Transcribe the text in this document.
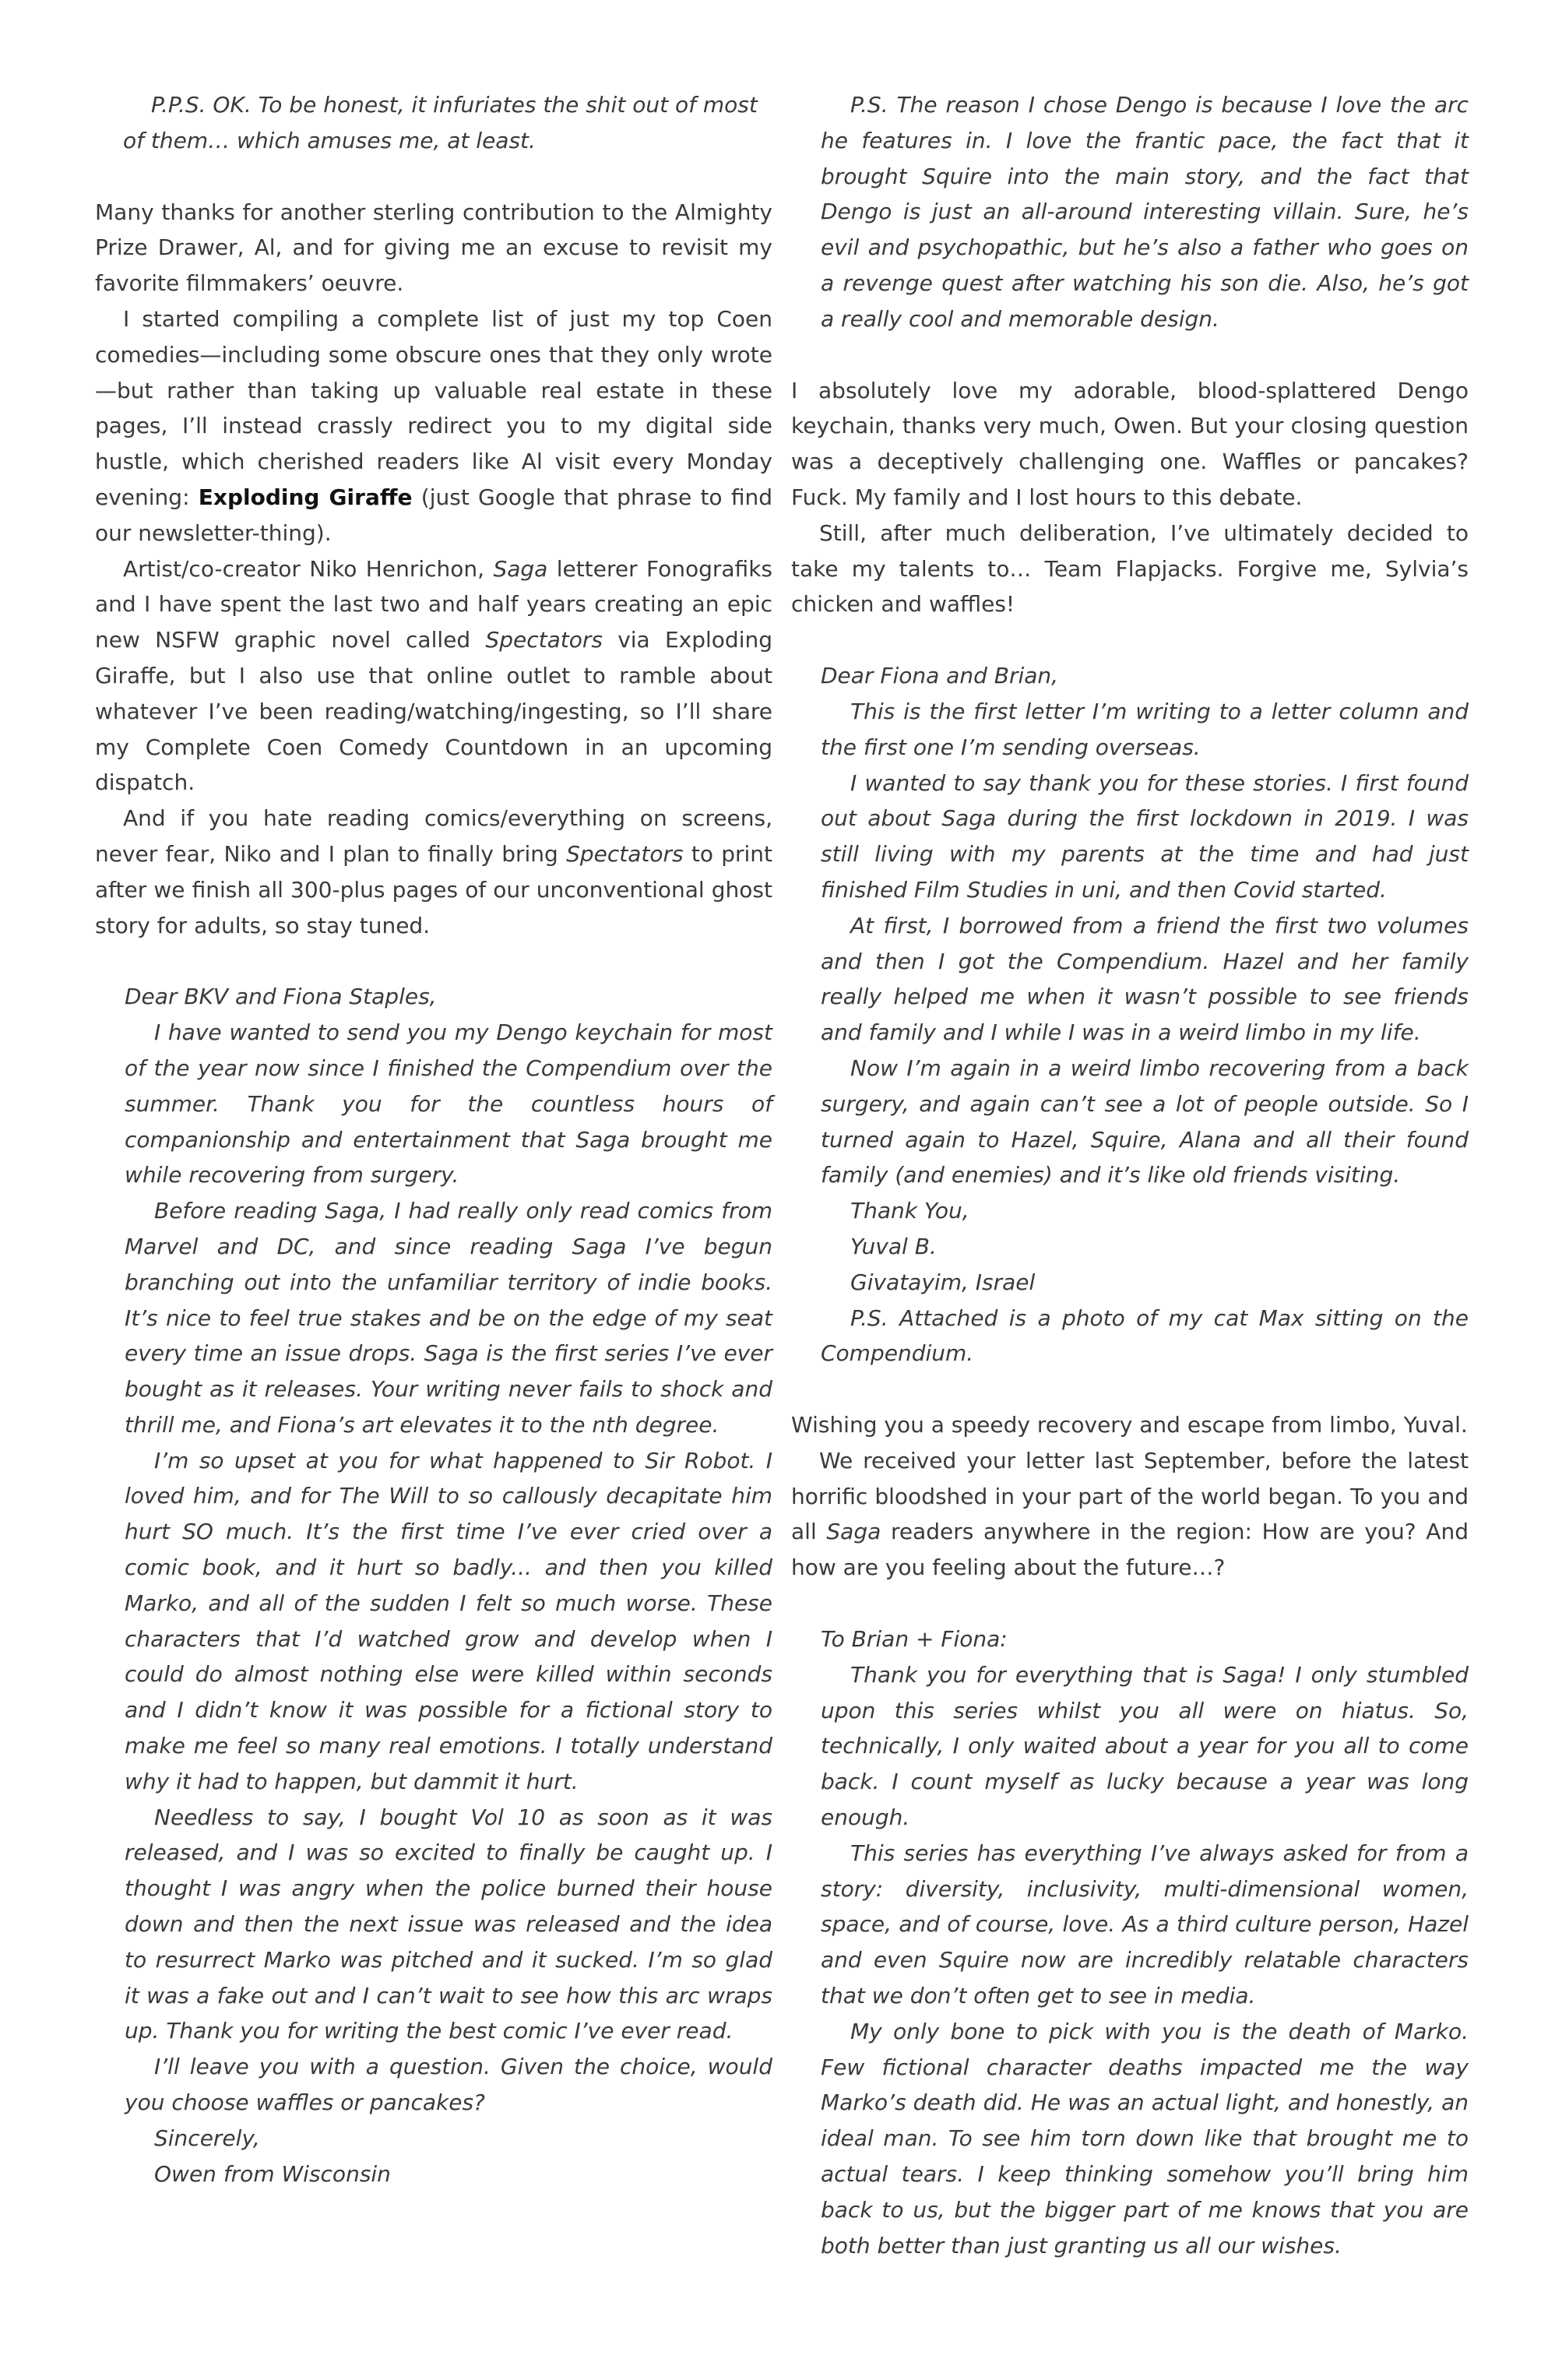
P.P.S. OK. To be honest, it infuriates the shit out of most
of them… which amuses me, at least.

Many thanks for another sterling contribution to the Almighty Prize Drawer, Al, and for giving me an excuse to revisit my favorite filmmakers’ oeuvre.

I started compiling a complete list of just my top Coen comedies—including some obscure ones that they only wrote—but rather than taking up valuable real estate in these pages, I’ll instead crassly redirect you to my digital side hustle, which cherished readers like Al visit every Monday evening: Exploding Giraffe (just Google that phrase to find our newsletter-thing).

Artist/co-creator Niko Henrichon, Saga letterer Fonografiks and I have spent the last two and half years creating an epic new NSFW graphic novel called Spectators via Exploding Giraffe, but I also use that online outlet to ramble about whatever I’ve been reading/watching/ingesting, so I’ll share my Complete Coen Comedy Countdown in an upcoming dispatch.

And if you hate reading comics/everything on screens, never fear, Niko and I plan to finally bring Spectators to print after we finish all 300-plus pages of our unconventional ghost story for adults, so stay tuned.

Dear BKV and Fiona Staples,

I have wanted to send you my Dengo keychain for most of the year now since I finished the Compendium over the summer. Thank you for the countless hours of companionship and entertainment that Saga brought me while recovering from surgery.

Before reading Saga, I had really only read comics from Marvel and DC, and since reading Saga I’ve begun branching out into the unfamiliar territory of indie books. It’s nice to feel true stakes and be on the edge of my seat every time an issue drops. Saga is the first series I’ve ever bought as it releases. Your writing never fails to shock and thrill me, and Fiona’s art elevates it to the nth degree.

I’m so upset at you for what happened to Sir Robot. I loved him, and for The Will to so callously decapitate him hurt SO much. It’s the first time I’ve ever cried over a comic book, and it hurt so badly... and then you killed Marko, and all of the sudden I felt so much worse. These characters that I’d watched grow and develop when I could do almost nothing else were killed within seconds and I didn’t know it was possible for a fictional story to make me feel so many real emotions. I totally understand why it had to happen, but dammit it hurt.

Needless to say, I bought Vol 10 as soon as it was released, and I was so excited to finally be caught up. I thought I was angry when the police burned their house down and then the next issue was released and the idea to resurrect Marko was pitched and it sucked. I’m so glad it was a fake out and I can’t wait to see how this arc wraps up. Thank you for writing the best comic I’ve ever read.

I’ll leave you with a question. Given the choice, would you choose waffles or pancakes?

Sincerely,

Owen from Wisconsin

P.S. The reason I chose Dengo is because I love the arc he features in. I love the frantic pace, the fact that it brought Squire into the main story, and the fact that Dengo is just an all-around interesting villain. Sure, he’s evil and psychopathic, but he’s also a father who goes on a revenge quest after watching his son die. Also, he’s got a really cool and memorable design.

I absolutely love my adorable, blood-splattered Dengo keychain, thanks very much, Owen. But your closing question was a deceptively challenging one. Waffles or pancakes? Fuck. My family and I lost hours to this debate.

Still, after much deliberation, I’ve ultimately decided to take my talents to… Team Flapjacks. Forgive me, Sylvia’s chicken and waffles!

Dear Fiona and Brian,

This is the first letter I’m writing to a letter column and the first one I’m sending overseas.

I wanted to say thank you for these stories. I first found out about Saga during the first lockdown in 2019. I was still living with my parents at the time and had just finished Film Studies in uni, and then Covid started.

At first, I borrowed from a friend the first two volumes and then I got the Compendium. Hazel and her family really helped me when it wasn’t possible to see friends and family and I while I was in a weird limbo in my life.

Now I’m again in a weird limbo recovering from a back surgery, and again can’t see a lot of people outside. So I turned again to Hazel, Squire, Alana and all their found family (and enemies) and it’s like old friends visiting.

Thank You,

Yuval B.

Givatayim, Israel

P.S. Attached is a photo of my cat Max sitting on the Compendium.

Wishing you a speedy recovery and escape from limbo, Yuval.

We received your letter last September, before the latest horrific bloodshed in your part of the world began. To you and all Saga readers anywhere in the region: How are you? And how are you feeling about the future…?

To Brian + Fiona:

Thank you for everything that is Saga! I only stumbled upon this series whilst you all were on hiatus. So, technically, I only waited about a year for you all to come back. I count myself as lucky because a year was long enough.

This series has everything I’ve always asked for from a story: diversity, inclusivity, multi-dimensional women, space, and of course, love. As a third culture person, Hazel and even Squire now are incredibly relatable characters that we don’t often get to see in media.

My only bone to pick with you is the death of Marko. Few fictional character deaths impacted me the way Marko’s death did. He was an actual light, and honestly, an ideal man. To see him torn down like that brought me to actual tears. I keep thinking somehow you’ll bring him back to us, but the bigger part of me knows that you are both better than just granting us all our wishes.
